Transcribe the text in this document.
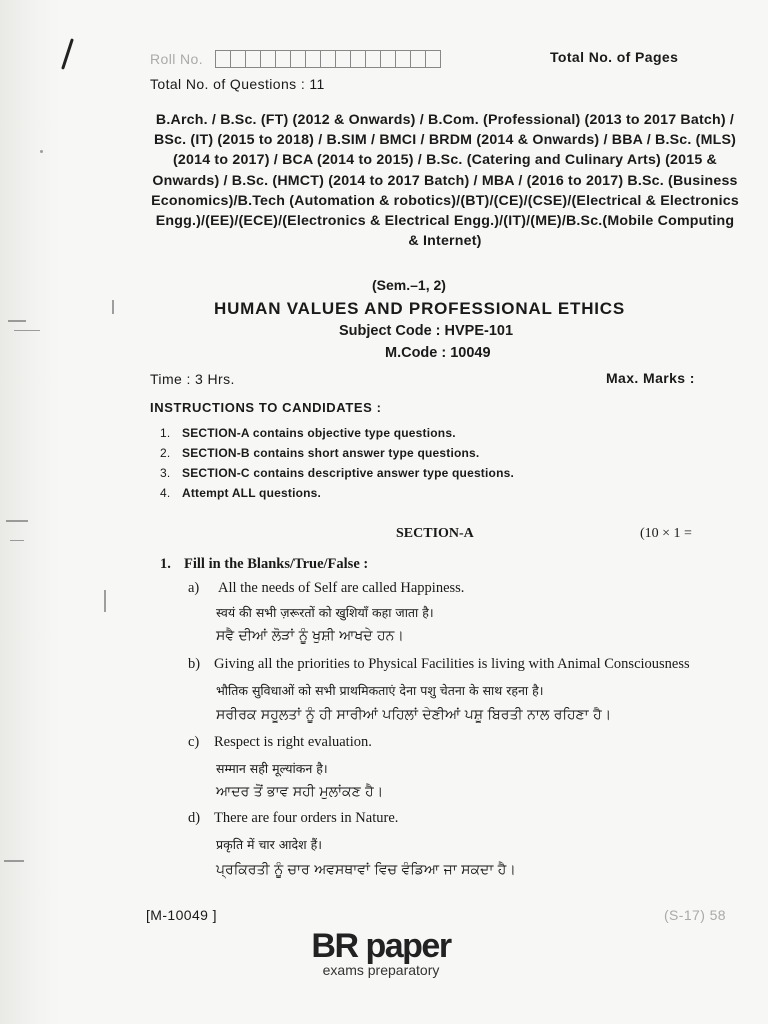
Roll No.	Total No. of Pages
Total No. of Questions : 11
B.Arch. / B.Sc. (FT) (2012 & Onwards) / B.Com. (Professional) (2013 to 2017 Batch) / BSc. (IT) (2015 to 2018) / B.SIM / BMCI / BRDM (2014 & Onwards) / BBA / B.Sc. (MLS) (2014 to 2017) / BCA (2014 to 2015) / B.Sc. (Catering and Culinary Arts) (2015 & Onwards) / B.Sc. (HMCT) (2014 to 2017 Batch) / MBA / (2016 to 2017) B.Sc. (Business Economics)/B.Tech (Automation & robotics)/(BT)/(CE)/(CSE)/(Electrical & Electronics Engg.)/(EE)/(ECE)/(Electronics & Electrical Engg.)/(IT)/(ME)/B.Sc.(Mobile Computing & Internet)
(Sem.–1, 2)
HUMAN VALUES AND PROFESSIONAL ETHICS
Subject Code : HVPE-101
M.Code : 10049
Time : 3 Hrs.	Max. Marks :
INSTRUCTIONS TO CANDIDATES :
1. SECTION-A contains objective type questions.
2. SECTION-B contains short answer type questions.
3. SECTION-C contains descriptive answer type questions.
4. Attempt ALL questions.
SECTION-A	(10 × 1 =
1. Fill in the Blanks/True/False :
a) All the needs of Self are called Happiness.
स्वयं की सभी ज़रूरतों को खुशियाँ कहा जाता है।
ਸਵੈ ਦੀਆਂ ਲੋੜਾਂ ਨੂੰ ਖੁਸ਼ੀ ਆਖਦੇ ਹਨ।
b) Giving all the priorities to Physical Facilities is living with Animal Consciousness
भौतिक सुविधाओं को सभी प्राथमिकताएं देना पशु चेतना के साथ रहना है।
ਸਰੀਰਕ ਸਹੂਲਤਾਂ ਨੂੰ ਹੀ ਸਾਰੀਆਂ ਪਹਿਲਾਂ ਦੇਣੀਆਂ ਪਸ਼ੂ ਬਿਰਤੀ ਨਾਲ ਰਹਿਣਾ ਹੈ।
c) Respect is right evaluation.
सम्मान सही मूल्यांकन है।
ਆਦਰ ਤੋਂ ਭਾਵ ਸਹੀ ਮੁਲਾਂਕਣ ਹੈ।
d) There are four orders in Nature.
प्रकृति में चार आदेश हैं।
ਪ੍ਰਕਿਰਤੀ ਨੂੰ ਚਾਰ ਅਵਸਥਾਵਾਂ ਵਿਚ ਵੰਡਿਆ ਜਾ ਸਕਦਾ ਹੈ।
[M-10049 ]	(S-17) 58
BR paper
exams preparatory
